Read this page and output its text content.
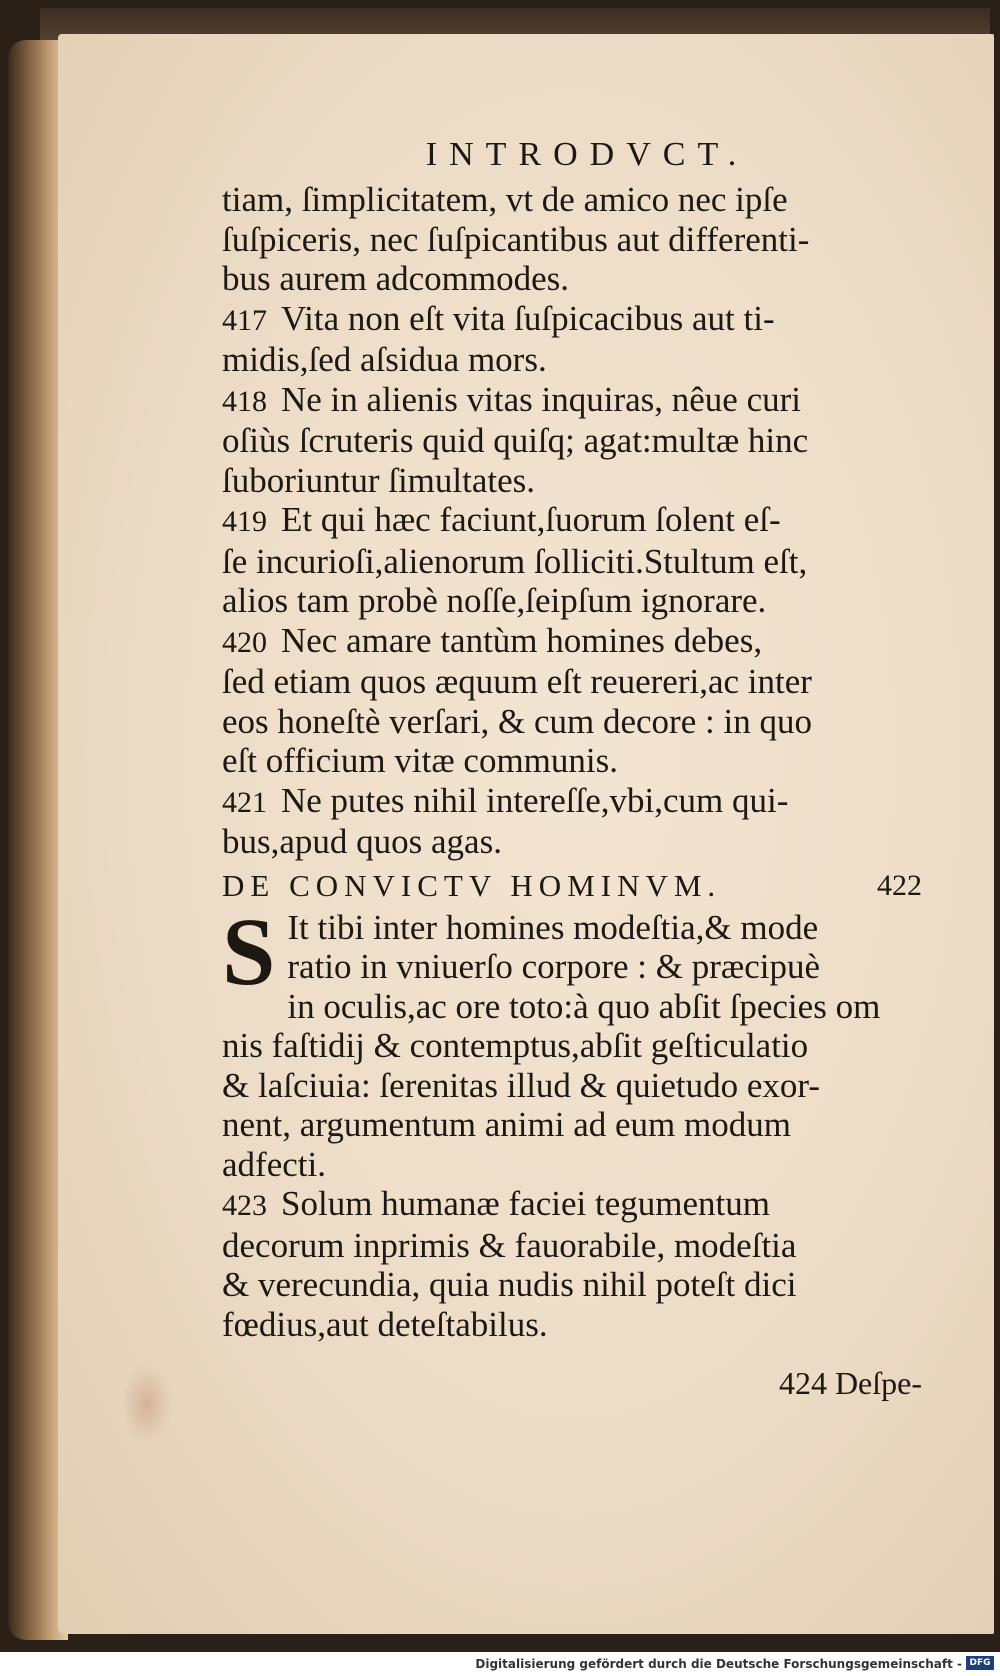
INTRODVCT.
tiam, ſimplicitatem, vt de amico nec ipſe
ſuſpiceris, nec ſuſpicantibus aut differenti-
bus aurem adcommodes.
417 Vita non eſt vita ſuſpicacibus aut ti-
midis,ſed aſsidua mors.
418 Ne in alienis vitas inquiras, nêue curi
oſiùs ſcruteris quid quiſq; agat:multæ hinc
ſuboriuntur ſimultates.
419 Et qui hæc faciunt,ſuorum ſolent eſ-
ſe incurioſi,alienorum ſolliciti.Stultum eſt,
alios tam probè noſſe,ſeipſum ignorare.
420 Nec amare tantùm homines debes,
ſed etiam quos æquum eſt reuereri,ac inter
eos honeſtè verſari, & cum decore : in quo
eſt officium vitæ communis.
421 Ne putes nihil intereſſe,vbi,cum qui-
bus,apud quos agas.
DE CONVICTV HOMINVM.	422
S It tibi inter homines modeſtia,& mode
ratio in vniuerſo corpore : & præcipuè
in oculis,ac ore toto:à quo abſit ſpecies om
nis faſtidij & contemptus,abſit geſticulatio
& laſciuia: ſerenitas illud & quietudo exor-
nent, argumentum animi ad eum modum
adfecti.
423 Solum humanæ faciei tegumentum
decorum inprimis & fauorabile, modeſtia
& verecundia, quia nudis nihil poteſt dici
fœdius,aut deteſtabilus.
424 Deſpe-
Digitalisierung gefördert durch die Deutsche Forschungsgemeinschaft - DFG
